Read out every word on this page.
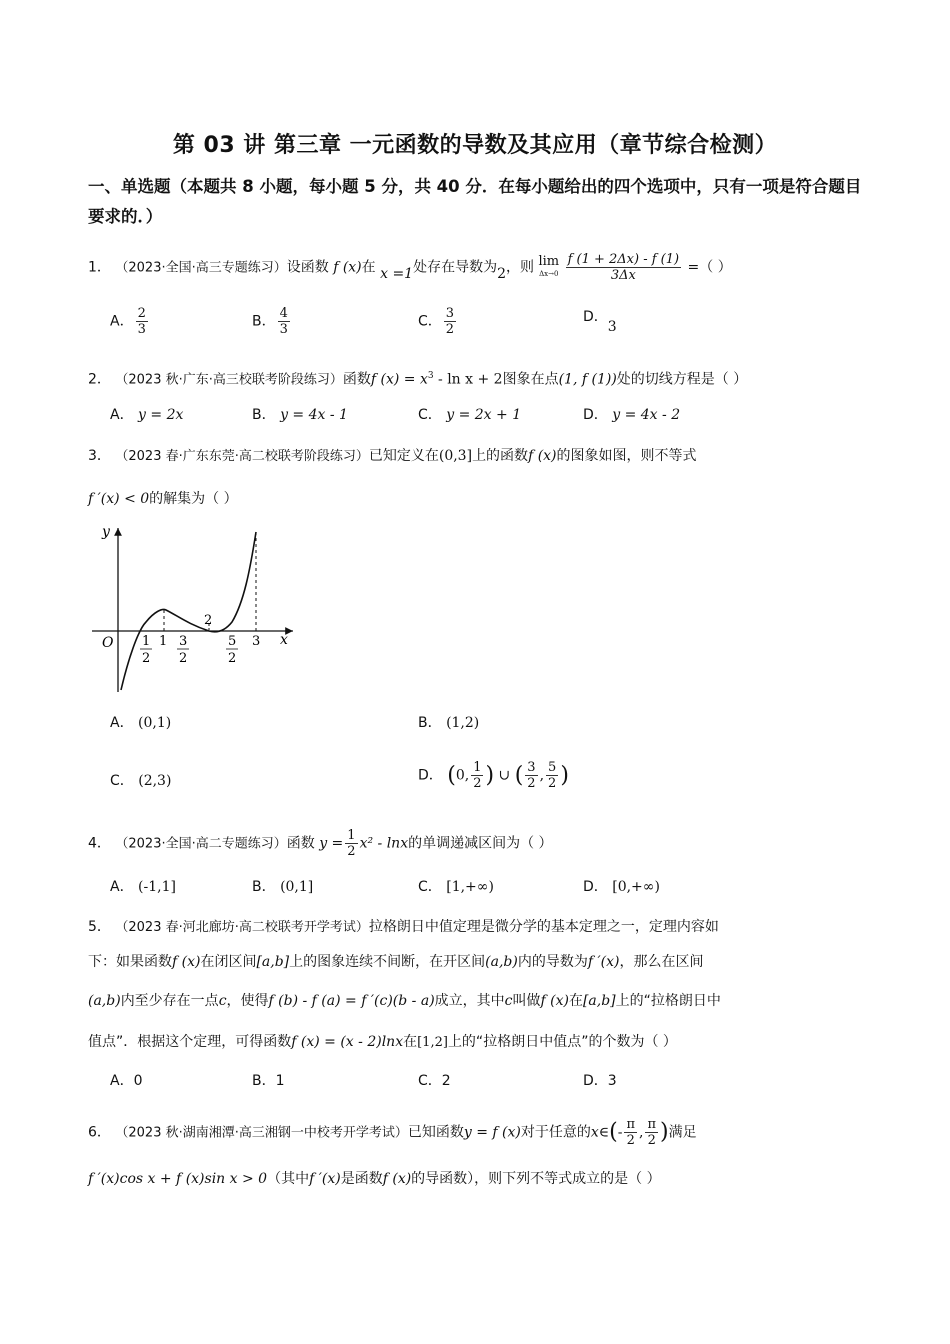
第 03 讲 第三章 一元函数的导数及其应用（章节综合检测）
一、单选题（本题共 8 小题，每小题 5 分，共 40 分．在每小题给出的四个选项中，只有一项是符合题目要求的．）
1． （2023·全国·高三专题练习）设函数 f (x)在 x =1处存在导数为2，则 lim
Δx→0
$\frac{f (1 + 2\Delta x) - f (1)}{3\Delta x}$ =（ ）
A． $\frac{2}{3}$	B． $\frac{4}{3}$	C． $\frac{3}{2}$	D．3
2． （2023 秋·广东·高三校联考阶段练习）函数f $(x) = x^3 - \ln x + 2$图象在点(1, f (1))处的切线方程是（ ）
A． y = 2x	B． y = 4x - 1	C． y = 2x + 1	D． y = 4x - 2
3． （2023 春·广东东莞·高二校联考阶段练习）已知定义在(0,3]上的函数f (x)的图象如图，则不等式
f ′(x) < 0的解集为（ ）
y
x
O 1
2
1 3
2
2
5
2
3
A． (0,1)	B． (1,2)
C． (2,3)	D． (0, $\frac{1}{2}$ ) ∪ ( $\frac{3}{2}$ , $\frac{5}{2}$ )
4． （2023·全国·高二专题练习）函数 $y = \frac{1}{2} x^2 - \ln x$的单调递减区间为（ ）
A． (-1,1]	B． (0,1]	C． [1,+∞)	D． [0,+∞)
5． （2023 春·河北廊坊·高二校联考开学考试）拉格朗日中值定理是微分学的基本定理之一，定理内容如
下：如果函数f (x)在闭区间[a,b]上的图象连续不间断，在开区间(a,b)内的导数为f ′(x)，那么在区间
(a,b)内至少存在一点c，使得f (b) - f (a) = f ′(c)(b - a)成立，其中c叫做f (x)在[a,b]上的“拉格朗日中
值点”．根据这个定理，可得函数f (x) = (x - 2)lnx在[1,2]上的“拉格朗日中值点”的个数为（ ）
A．0	B．1	C．2	D．3
6． （2023 秋·湖南湘潭·高三湘钢一中校考开学考试）已知函数y = f (x)对于任意的x∈(- $\frac{\pi}{2}$ , $\frac{\pi}{2}$ )满足
f ′(x)cos x + f (x)sin x > 0（其中f ′(x)是函数f (x)的导函数），则下列不等式成立的是（ ）
